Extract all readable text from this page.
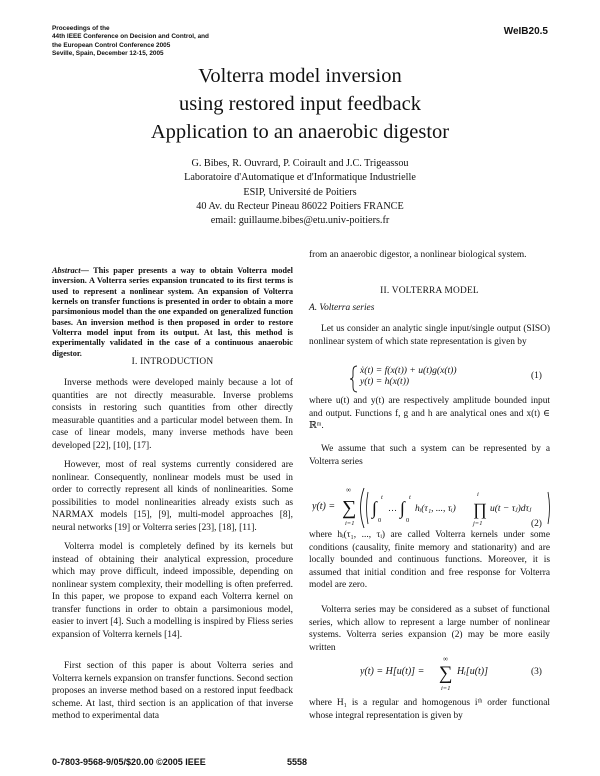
Proceedings of the
44th IEEE Conference on Decision and Control, and
the European Control Conference 2005
Seville, Spain, December 12-15, 2005
WeIB20.5
Volterra model inversion
using restored input feedback
Application to an anaerobic digestor
G. Bibes, R. Ouvrard, P. Coirault and J.C. Trigeassou
Laboratoire d'Automatique et d'Informatique Industrielle
ESIP, Université de Poitiers
40 Av. du Recteur Pineau 86022 Poitiers FRANCE
email: guillaume.bibes@etu.univ-poitiers.fr
Abstract— This paper presents a way to obtain Volterra model inversion. A Volterra series expansion truncated to its first terms is used to represent a nonlinear system. An expansion of Volterra kernels on transfer functions is presented in order to obtain a more parsimonious model than the one expanded on generalized function bases. An inversion method is then proposed in order to restore Volterra model input from its output. At last, this method is experimentally validated in the case of a continuous anaerobic digestor.
I. INTRODUCTION

Inverse methods were developed mainly because a lot of quantities are not directly measurable. Inverse problems consists in restoring such quantities from other directly measurable quantities and a particular model between them. In case of linear models, many inverse methods have been developed [22], [10], [17].

However, most of real systems currently considered are nonlinear. Consequently, nonlinear models must be used in order to correctly represent all kinds of nonlinearities. Some possibilities to model nonlinearities already exists such as NARMAX models [15], [9], multi-model approaches [8], neural networks [19] or Volterra series [23], [18], [11].

Volterra model is completely defined by its kernels but instead of obtaining their analytical expression, procedure which may prove difficult, indeed impossible, depending on nonlinear system complexity, their modelling is often preferred. In this paper, we propose to expand each Volterra kernel on transfer functions in order to obtain a parsimonious model, easier to invert [4]. Such a modelling is inspired by Fliess series expansion of Volterra kernels [14].

First section of this paper is about Volterra series and Volterra kernels expansion on transfer functions. Second section proposes an inverse method based on a restored input feedback scheme. At last, third section is an application of that inverse method to experimental data

from an anaerobic digestor, a nonlinear biological system.

II. VOLTERRA MODEL
A. Volterra series

Let us consider an analytic single input/single output (SISO) nonlinear system of which state representation is given by

ẋ(t) = f(x(t)) + u(t)g(x(t))
y(t) = h(x(t))	(1)

where u(t) and y(t) are respectively amplitude bounded input and output. Functions f, g and h are analytical ones and x(t) ∈ ℝᵐ.

We assume that such a system can be represented by a Volterra series

y(t) =
∞
∑
i=1
∫
t
0
… ∫
t
0
hᵢ(τ₁, ..., τᵢ)
i
∏
j=1
u(t − τⱼ)dτⱼ
(2)

where hᵢ(τ₁, ..., τᵢ) are called Volterra kernels under some conditions (causality, finite memory and stationarity) and are locally bounded and continuous functions. Moreover, it is assumed that initial condition and free response for Volterra model are zero.

Volterra series may be considered as a subset of functional series, which allow to represent a large number of nonlinear systems. Volterra series expansion (2) may be more easily written

y(t) = H[u(t)] =
∞
∑
i=1
Hᵢ[u(t)]	(3)

where H₁ is a regular and homogenous iᵗʰ order functional whose integral representation is given by

0-7803-9568-9/05/$20.00 ©2005 IEEE	5558
